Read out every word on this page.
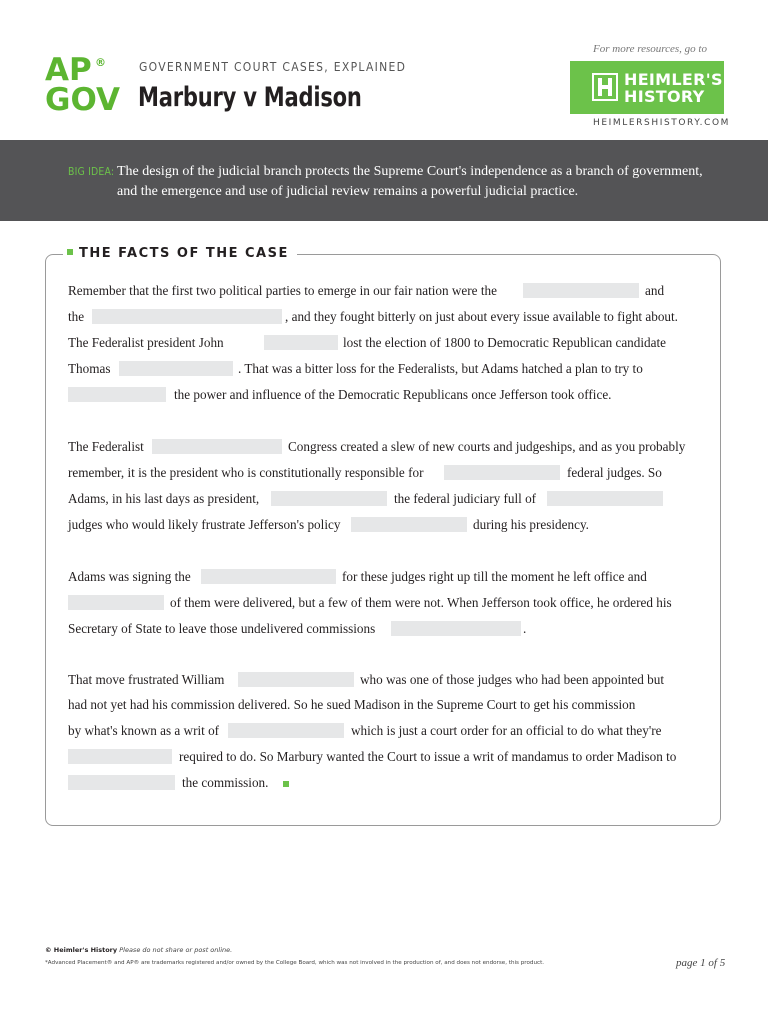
AP ®
GOV
GOVERNMENT COURT CASES, EXPLAINED
Marbury v Madison
For more resources, go to
HEIMLER'S
HISTORY
HEIMLERSHISTORY.COM
BIG IDEA: The design of the judicial branch protects the Supreme Court's independence as a branch of government,
and the emergence and use of judicial review remains a powerful judicial practice.
THE FACTS OF THE CASE
Remember that the first two political parties to emerge in our fair nation were the	and
the	, and they fought bitterly on just about every issue available to fight about.
The Federalist president John	lost the election of 1800 to Democratic Republican candidate
Thomas	. That was a bitter loss for the Federalists, but Adams hatched a plan to try to
the power and influence of the Democratic Republicans once Jefferson took office.
The Federalist	Congress created a slew of new courts and judgeships, and as you probably
remember, it is the president who is constitutionally responsible for	federal judges. So
Adams, in his last days as president,	the federal judiciary full of
judges who would likely frustrate Jefferson's policy	during his presidency.
Adams was signing the	for these judges right up till the moment he left office and
of them were delivered, but a few of them were not. When Jefferson took office, he ordered his
Secretary of State to leave those undelivered commissions	.
That move frustrated William	who was one of those judges who had been appointed but
had not yet had his commission delivered. So he sued Madison in the Supreme Court to get his commission
by what's known as a writ of	which is just a court order for an official to do what they're
required to do. So Marbury wanted the Court to issue a writ of mandamus to order Madison to
the commission.
© Heimler's History Please do not share or post online.
*Advanced Placement® and AP® are trademarks registered and/or owned by the College Board, which was not involved in the production of, and does not endorse, this product.	page 1 of 5
